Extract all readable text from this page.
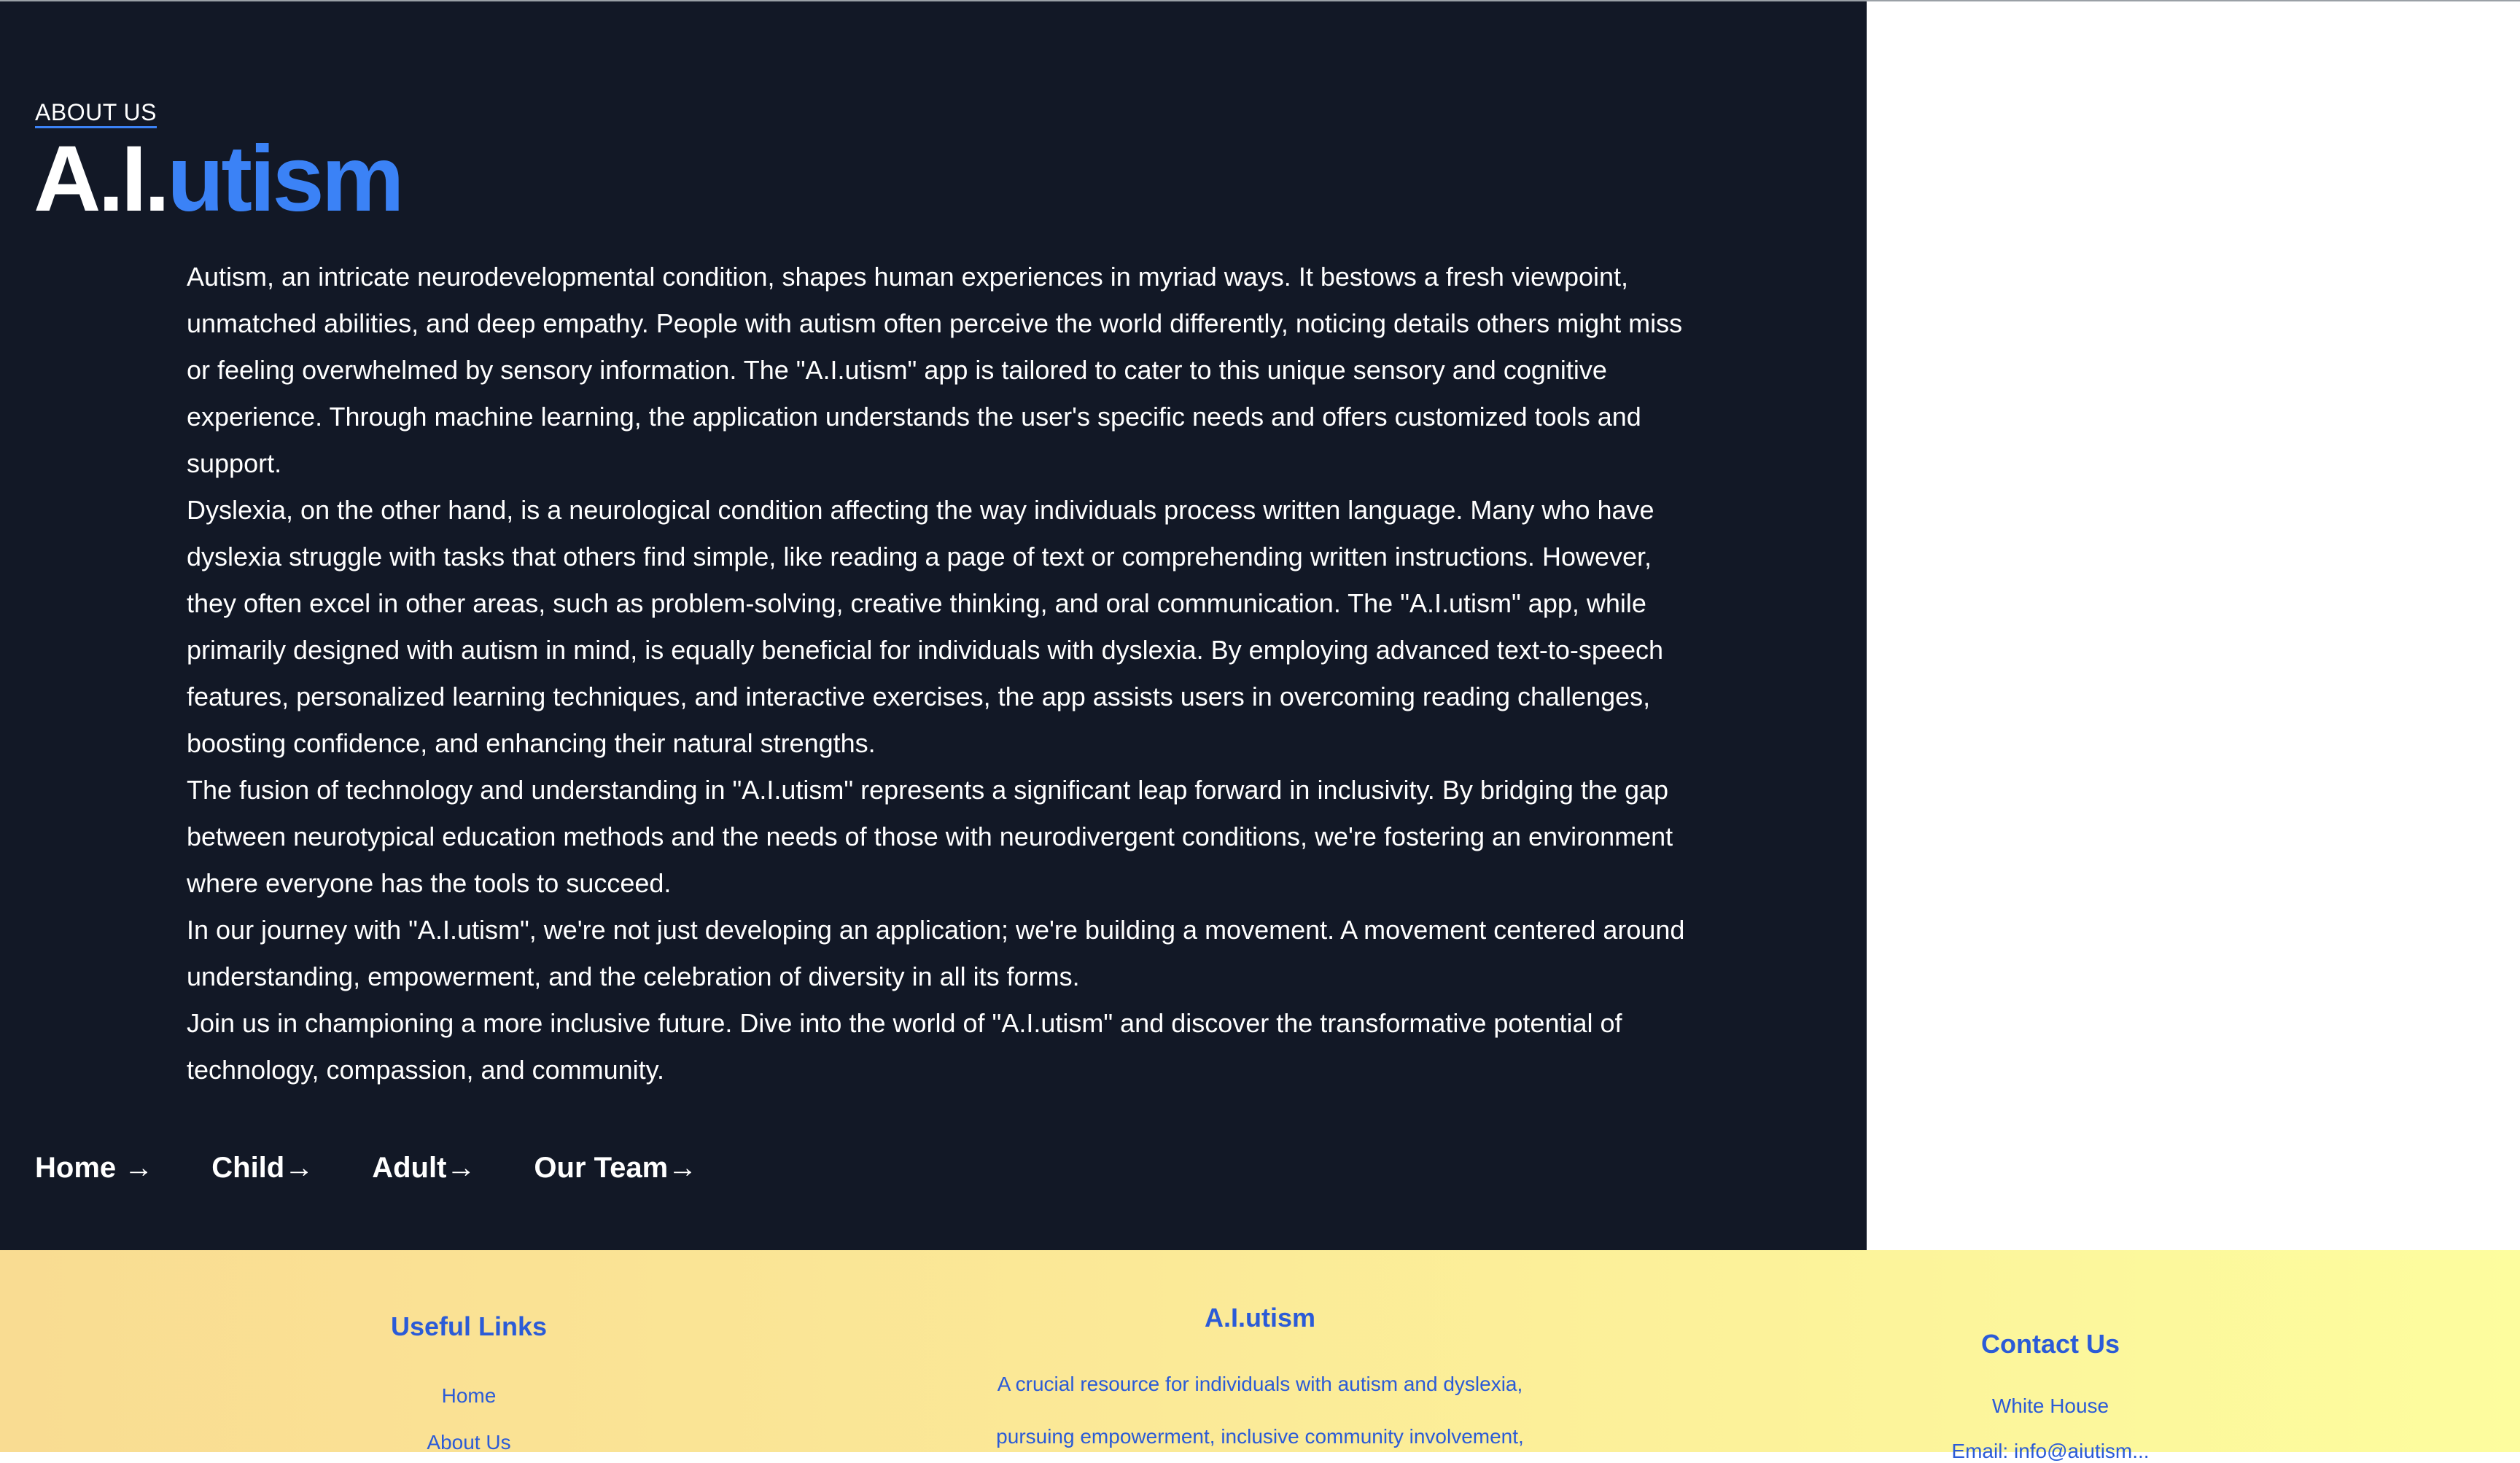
ABOUT US
A.I.utism

Autism, an intricate neurodevelopmental condition, shapes human experiences in myriad ways. It bestows a fresh viewpoint, unmatched abilities, and deep empathy. People with autism often perceive the world differently, noticing details others might miss or feeling overwhelmed by sensory information. The "A.I.utism" app is tailored to cater to this unique sensory and cognitive experience. Through machine learning, the application understands the user's specific needs and offers customized tools and support.

Dyslexia, on the other hand, is a neurological condition affecting the way individuals process written language. Many who have dyslexia struggle with tasks that others find simple, like reading a page of text or comprehending written instructions. However, they often excel in other areas, such as problem-solving, creative thinking, and oral communication. The "A.I.utism" app, while primarily designed with autism in mind, is equally beneficial for individuals with dyslexia. By employing advanced text-to-speech features, personalized learning techniques, and interactive exercises, the app assists users in overcoming reading challenges, boosting confidence, and enhancing their natural strengths.

The fusion of technology and understanding in "A.I.utism" represents a significant leap forward in inclusivity. By bridging the gap between neurotypical education methods and the needs of those with neurodivergent conditions, we're fostering an environment where everyone has the tools to succeed.

In our journey with "A.I.utism", we're not just developing an application; we're building a movement. A movement centered around understanding, empowerment, and the celebration of diversity in all its forms.

Join us in championing a more inclusive future. Dive into the world of "A.I.utism" and discover the transformative potential of technology, compassion, and community.

Home → Child→ Adult→ Our Team→
Useful Links
Home
About Us
A.I.utism
A crucial resource for individuals with autism and dyslexia,
pursuing empowerment, inclusive community involvement,
Contact Us
White House
Email: info@aiutism...
